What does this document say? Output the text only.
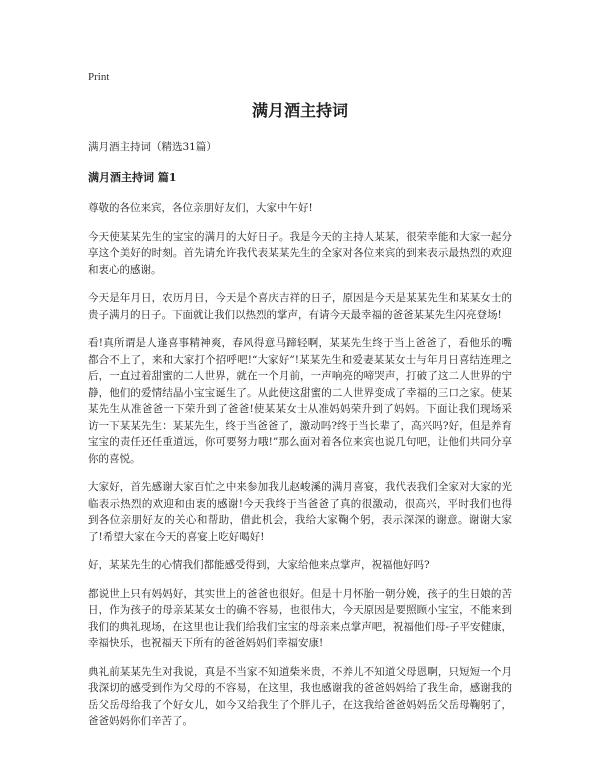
Print
满月酒主持词
满月酒主持词（精选31篇）
满月酒主持词 篇1

尊敬的各位来宾，各位亲朋好友们，大家中午好!

今天使某某先生的宝宝的满月的大好日子。我是今天的主持人某某，很荣幸能和大家一起分享这个美好的时刻。首先请允许我代表某某先生的全家对各位来宾的到来表示最热烈的欢迎和衷心的感谢。

今天是年月日，农历月日，今天是个喜庆吉祥的日子，原因是今天是某某先生和某某女士的贵子满月的日子。下面就让我们以热烈的掌声，有请今天最幸福的爸爸某某先生闪亮登场!

看!真所谓是人逢喜事精神爽，春风得意马蹄轻啊，某某先生终于当上爸爸了，看他乐的嘴都合不上了，来和大家打个招呼吧!“大家好”!某某先生和爱妻某某女士与年月日喜结连理之后，一直过着甜蜜的二人世界，就在一个月前，一声响亮的啼哭声，打破了这二人世界的宁静，他们的爱情结晶小宝宝诞生了。从此使这甜蜜的二人世界变成了幸福的三口之家。使某某先生从准爸爸一下荣升到了爸爸!使某某女士从准妈妈荣升到了妈妈。下面让我们现场采访一下某某先生：某某先生，终于当爸爸了，激动吗?终于当长辈了，高兴吗?好，但是养育宝宝的责任还任重道远，你可要努力哦!”那么面对着各位来宾也说几句吧，让他们共同分享你的喜悦。

大家好，首先感谢大家百忙之中来参加我儿赵峻溪的满月喜宴，我代表我们全家对大家的光临表示热烈的欢迎和由衷的感谢!今天我终于当爸爸了真的很激动，很高兴，平时我们也得到各位亲朋好友的关心和帮助，借此机会，我给大家鞠个躬，表示深深的谢意。谢谢大家了!希望大家在今天的喜宴上吃好喝好!

好，某某先生的心情我们都能感受得到，大家给他来点掌声，祝福他好吗?

都说世上只有妈妈好，其实世上的爸爸也很好。但是十月怀胎一朝分娩，孩子的生日娘的苦日，作为孩子的母亲某某女士的确不容易，也很伟大，今天原因是要照顾小宝宝，不能来到我们的典礼现场，在这里也让我们给我们宝宝的母亲来点掌声吧，祝福他们母-子平安健康，幸福快乐，也祝福天下所有的爸爸妈妈们幸福安康!

典礼前某某先生对我说，真是不当家不知道柴米贵，不养儿不知道父母恩啊，只短短一个月我深切的感受到作为父母的不容易，在这里，我也感谢我的爸爸妈妈给了我生命，感谢我的岳父岳母给我了个好女儿，如今又给我生了个胖儿子，在这我给爸爸妈妈岳父岳母鞠躬了，爸爸妈妈你们辛苦了。
